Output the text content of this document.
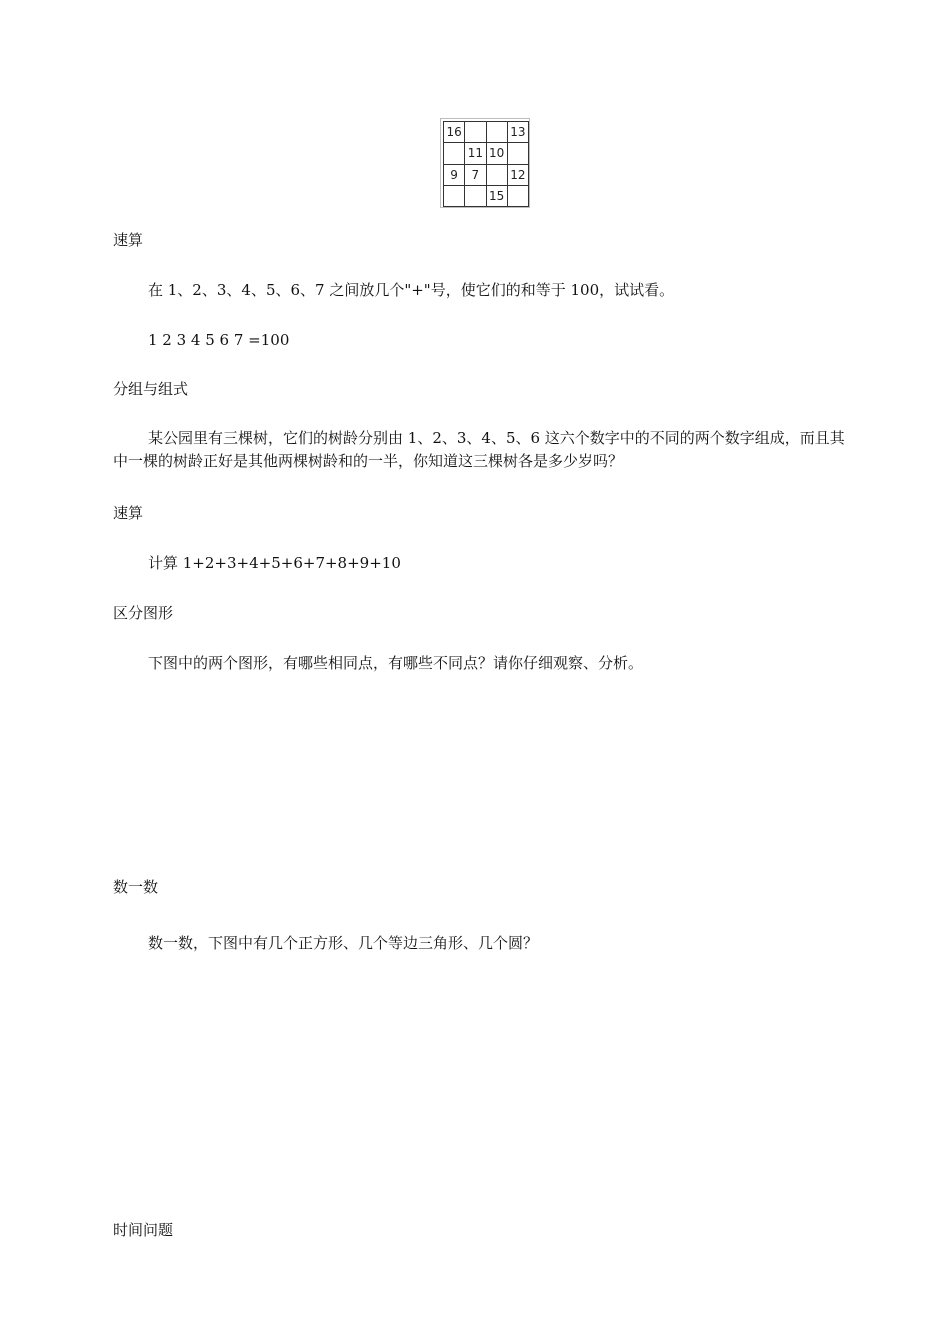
16			13
	11	10	
9	7		12
		15	

速算

在 1、2、3、4、5、6、7 之间放几个"+"号，使它们的和等于 100，试试看。

1 2 3 4 5 6 7 =100

分组与组式

某公园里有三棵树，它们的树龄分别由 1、2、3、4、5、6 这六个数字中的不同的两个数字组成，而且其中一棵的树龄正好是其他两棵树龄和的一半，你知道这三棵树各是多少岁吗？

速算

计算 1+2+3+4+5+6+7+8+9+10

区分图形

下图中的两个图形，有哪些相同点，有哪些不同点？请你仔细观察、分析。

数一数

数一数，下图中有几个正方形、几个等边三角形、几个圆？

时间问题
